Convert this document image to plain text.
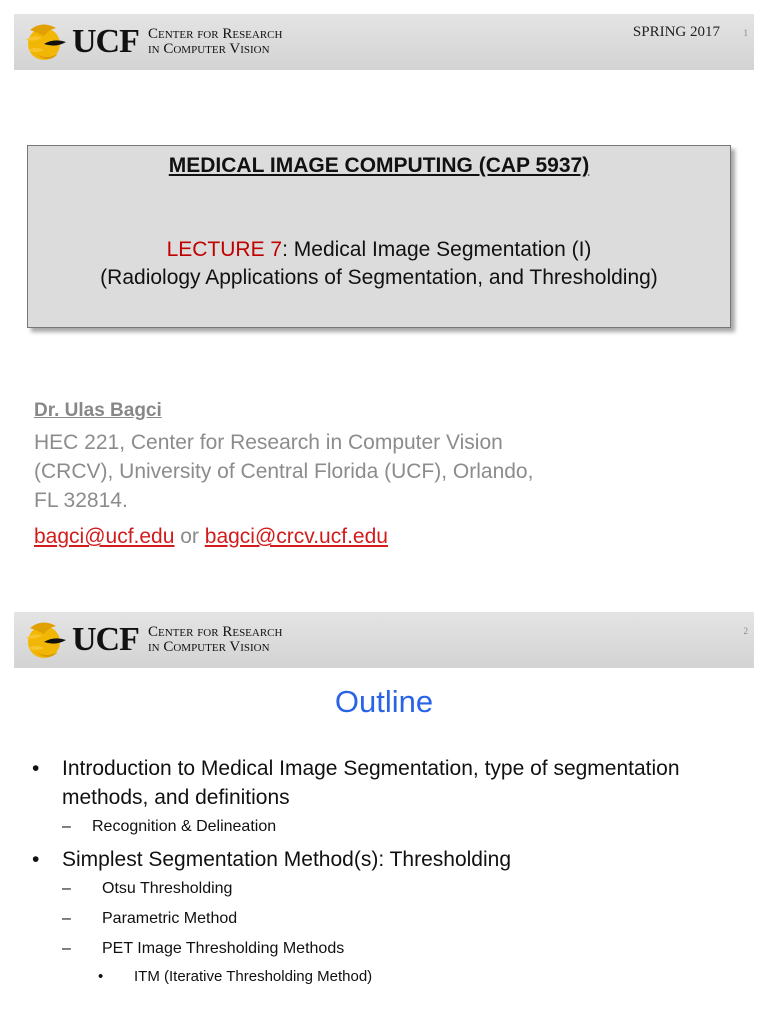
UCF Center for Research
in Computer Vision
SPRING 2017	1
MEDICAL IMAGE COMPUTING (CAP 5937)
LECTURE 7: Medical Image Segmentation (I)
(Radiology Applications of Segmentation, and Thresholding)
Dr. Ulas Bagci
HEC 221, Center for Research in Computer Vision (CRCV), University of Central Florida (UCF), Orlando, FL 32814.
bagci@ucf.edu or bagci@crcv.ucf.edu
UCF Center for Research
in Computer Vision
2
Outline
• Introduction to Medical Image Segmentation, type of segmentation methods, and definitions
– Recognition & Delineation
• Simplest Segmentation Method(s): Thresholding
– Otsu Thresholding
– Parametric Method
– PET Image Thresholding Methods
• ITM (Iterative Thresholding Method)
